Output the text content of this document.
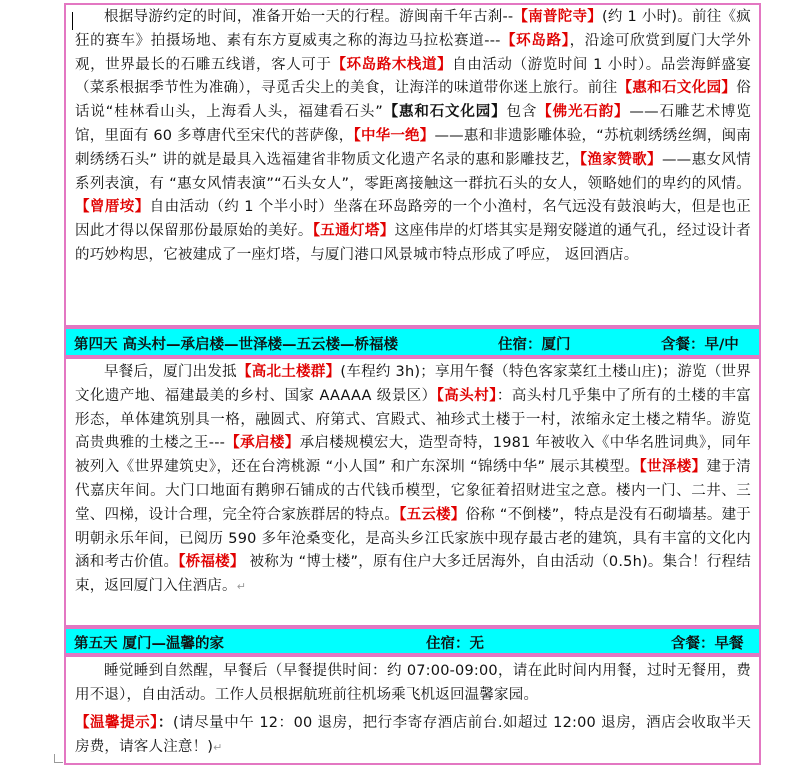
根据导游约定的时间，准备开始一天的行程。游闽南千年古刹--【南普陀寺】(约 1 小时)。前往《疯狂的赛车》拍摄场地、素有东方夏威夷之称的海边马拉松赛道---【环岛路】，沿途可欣赏到厦门大学外观，世界最长的石雕五线谱，客人可于【环岛路木栈道】自由活动（游览时间 1 小时）。品尝海鲜盛宴（菜系根据季节性为准确），寻觅舌尖上的美食，让海洋的味道带你迷上旅行。前往【惠和石文化园】俗话说“桂林看山头，上海看人头，福建看石头”【惠和石文化园】包含【佛光石韵】——石雕艺术博览馆，里面有 60 多尊唐代至宋代的菩萨像，【中华一绝】——惠和非遗影雕体验，“苏杭刺绣绣丝绸，闽南刺绣绣石头” 讲的就是最具入选福建省非物质文化遗产名录的惠和影雕技艺，【渔家赞歌】——惠女风情系列表演，有 “惠女风情表演”“石头女人”，零距离接触这一群抗石头的女人，领略她们的卑约的风情。【曾厝垵】自由活动（约 1 个半小时）坐落在环岛路旁的一个小渔村，名气远没有鼓浪屿大，但是也正因此才得以保留那份最原始的美好。【五通灯塔】这座伟岸的灯塔其实是翔安隧道的通气孔，经过设计者的巧妙构思，它被建成了一座灯塔，与厦门港口风景城市特点形成了呼应， 返回酒店。
第四天 高头村—承启楼—世泽楼—五云楼—桥福楼	住宿：厦门	含餐：早/中
早餐后，厦门出发抵【高北土楼群】(车程约 3h)；享用午餐（特色客家菜红土楼山庄)；游览（世界文化遗产地、福建最美的乡村、国家 AAAAA 级景区）【高头村】：高头村几乎集中了所有的土楼的丰富形态，单体建筑别具一格，融圆式、府第式、宫殿式、袖珍式土楼于一村，浓缩永定土楼之精华。游览高贵典雅的土楼之王---【承启楼】承启楼规模宏大，造型奇特，1981 年被收入《中华名胜词典》，同年被列入《世界建筑史》，还在台湾桃源 “小人国” 和广东深圳 “锦绣中华” 展示其模型。【世泽楼】建于清代嘉庆年间。大门口地面有鹅卵石铺成的古代钱币模型，它象征着招财进宝之意。楼内一门、二井、三堂、四梯，设计合理，完全符合家族群居的特点。【五云楼】俗称 “不倒楼”，特点是没有石砌墙基。建于明朝永乐年间，已阅历 590 多年沧桑变化，是高头乡江氏家族中现存最古老的建筑，具有丰富的文化内涵和考古价值。【桥福楼】 被称为 “博士楼”，原有住户大多迁居海外，自由活动（0.5h)。集合！行程结束，返回厦门入住酒店。↵
第五天 厦门—温馨的家	住宿：无	含餐：早餐
睡觉睡到自然醒，早餐后（早餐提供时间：约 07:00-09:00，请在此时间内用餐，过时无餐用，费用不退），自由活动。工作人员根据航班前往机场乘飞机返回温馨家园。
【温馨提示】：(请尽量中午 12：00 退房，把行李寄存酒店前台.如超过 12:00 退房，酒店会收取半天房费，请客人注意！)↵
